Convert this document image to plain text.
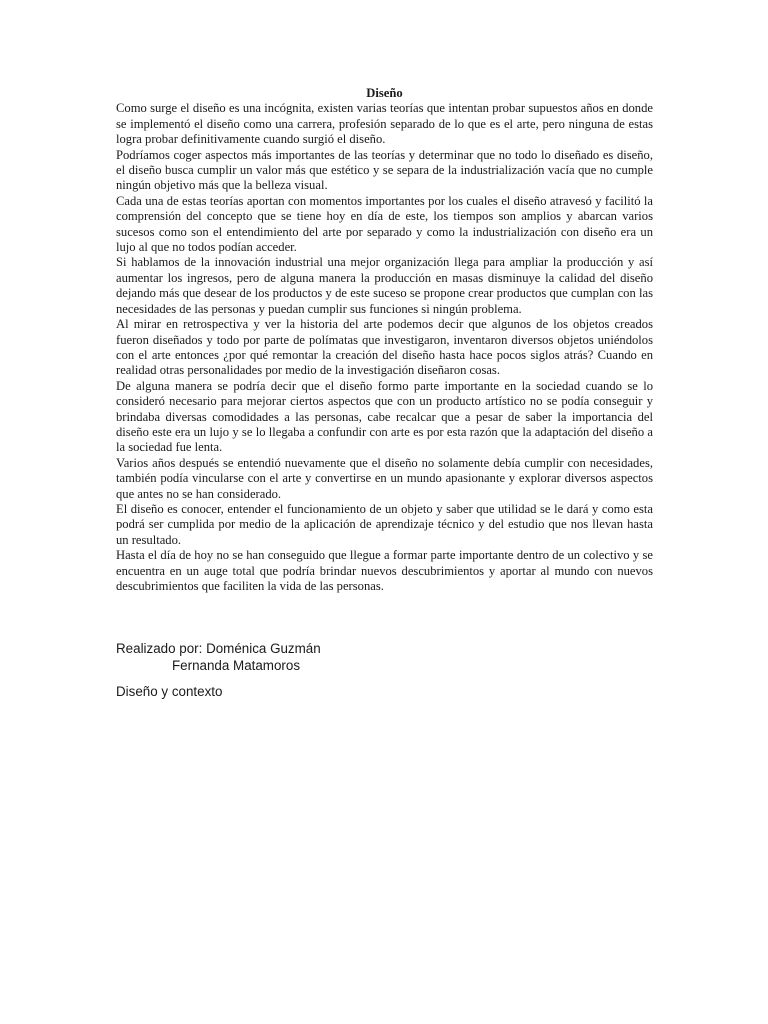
Diseño

Como surge el diseño es una incógnita, existen varias teorías que intentan probar supuestos años en donde se implementó el diseño como una carrera, profesión separado de lo que es el arte, pero ninguna de estas logra probar definitivamente cuando surgió el diseño.

Podríamos coger aspectos más importantes de las teorías y determinar que no todo lo diseñado es diseño, el diseño busca cumplir un valor más que estético y se separa de la industrialización vacía que no cumple ningún objetivo más que la belleza visual.

Cada una de estas teorías aportan con momentos importantes por los cuales el diseño atravesó y facilitó la comprensión del concepto que se tiene hoy en día de este, los tiempos son amplios y abarcan varios sucesos como son el entendimiento del arte por separado y como la industrialización con diseño era un lujo al que no todos podían acceder.

Si hablamos de la innovación industrial una mejor organización llega para ampliar la producción y así aumentar los ingresos, pero de alguna manera la producción en masas disminuye la calidad del diseño dejando más que desear de los productos y de este suceso se propone crear productos que cumplan con las necesidades de las personas y puedan cumplir sus funciones si ningún problema.

Al mirar en retrospectiva y ver la historia del arte podemos decir que algunos de los objetos creados fueron diseñados y todo por parte de polímatas que investigaron, inventaron diversos objetos uniéndolos con el arte entonces ¿por qué remontar la creación del diseño hasta hace pocos siglos atrás? Cuando en realidad otras personalidades por medio de la investigación diseñaron cosas.

De alguna manera se podría decir que el diseño formo parte importante en la sociedad cuando se lo consideró necesario para mejorar ciertos aspectos que con un producto artístico no se podía conseguir y brindaba diversas comodidades a las personas, cabe recalcar que a pesar de saber la importancia del diseño este era un lujo y se lo llegaba a confundir con arte es por esta razón que la adaptación del diseño a la sociedad fue lenta.

Varios años después se entendió nuevamente que el diseño no solamente debía cumplir con necesidades, también podía vincularse con el arte y convertirse en un mundo apasionante y explorar diversos aspectos que antes no se han considerado.

El diseño es conocer, entender el funcionamiento de un objeto y saber que utilidad se le dará y como esta podrá ser cumplida por medio de la aplicación de aprendizaje técnico y del estudio que nos llevan hasta un resultado.

Hasta el día de hoy no se han conseguido que llegue a formar parte importante dentro de un colectivo y se encuentra en un auge total que podría brindar nuevos descubrimientos y aportar al mundo con nuevos descubrimientos que faciliten la vida de las personas.

Realizado por: Doménica Guzmán
Fernanda Matamoros
Diseño y contexto
